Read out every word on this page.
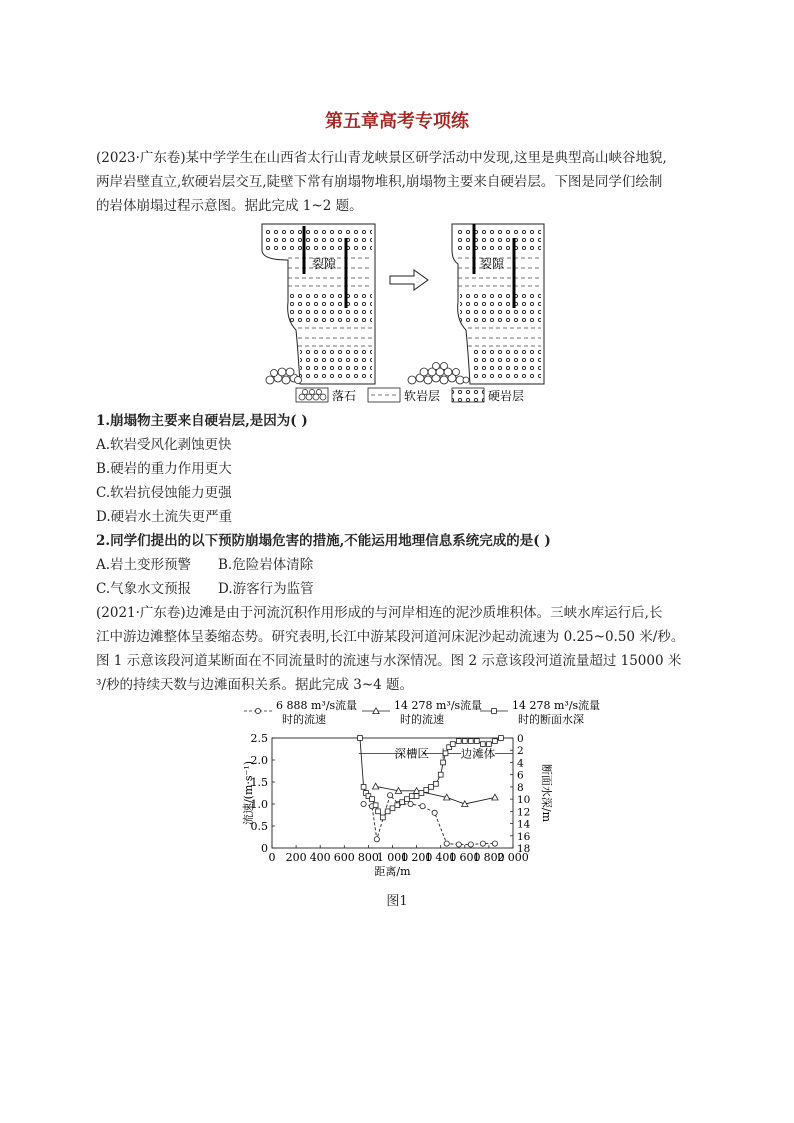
第五章高考专项练
(2023·广东卷)某中学学生在山西省太行山青龙峡景区研学活动中发现,这里是典型高山峡谷地貌,
两岸岩壁直立,软硬岩层交互,陡壁下常有崩塌物堆积,崩塌物主要来自硬岩层。下图是同学们绘制
的岩体崩塌过程示意图。据此完成 1~2 题。
裂隙	裂隙
落石	软岩层	硬岩层
1.崩塌物主要来自硬岩层,是因为( )
A.软岩受风化剥蚀更快
B.硬岩的重力作用更大
C.软岩抗侵蚀能力更强
D.硬岩水土流失更严重
2.同学们提出的以下预防崩塌危害的措施,不能运用地理信息系统完成的是( )
A.岩土变形预警 B.危险岩体清除
C.气象水文预报 D.游客行为监管
(2021·广东卷)边滩是由于河流沉积作用形成的与河岸相连的泥沙质堆积体。三峡水库运行后,长
江中游边滩整体呈萎缩态势。研究表明,长江中游某段河道河床泥沙起动流速为 0.25~0.50 米/秒。
图 1 示意该段河道某断面在不同流量时的流速与水深情况。图 2 示意该段河道流量超过 15000 米
³/秒的持续天数与边滩面积关系。据此完成 3~4 题。
6 888 m³/s流量
时的流速
14 278 m³/s流量
时的流速
14 278 m³/s流量
时的断面水深
0 200 400 600 800
1 000
1 200
1 400
1 600
1 800
2 000
0
0.5
1.0
1.5
2.0
2.5	0
2
4
6
8
10
12
14
16
18
距离/m
流速/(m·s⁻¹)	断面水深/m
深槽区	边滩体
图1
